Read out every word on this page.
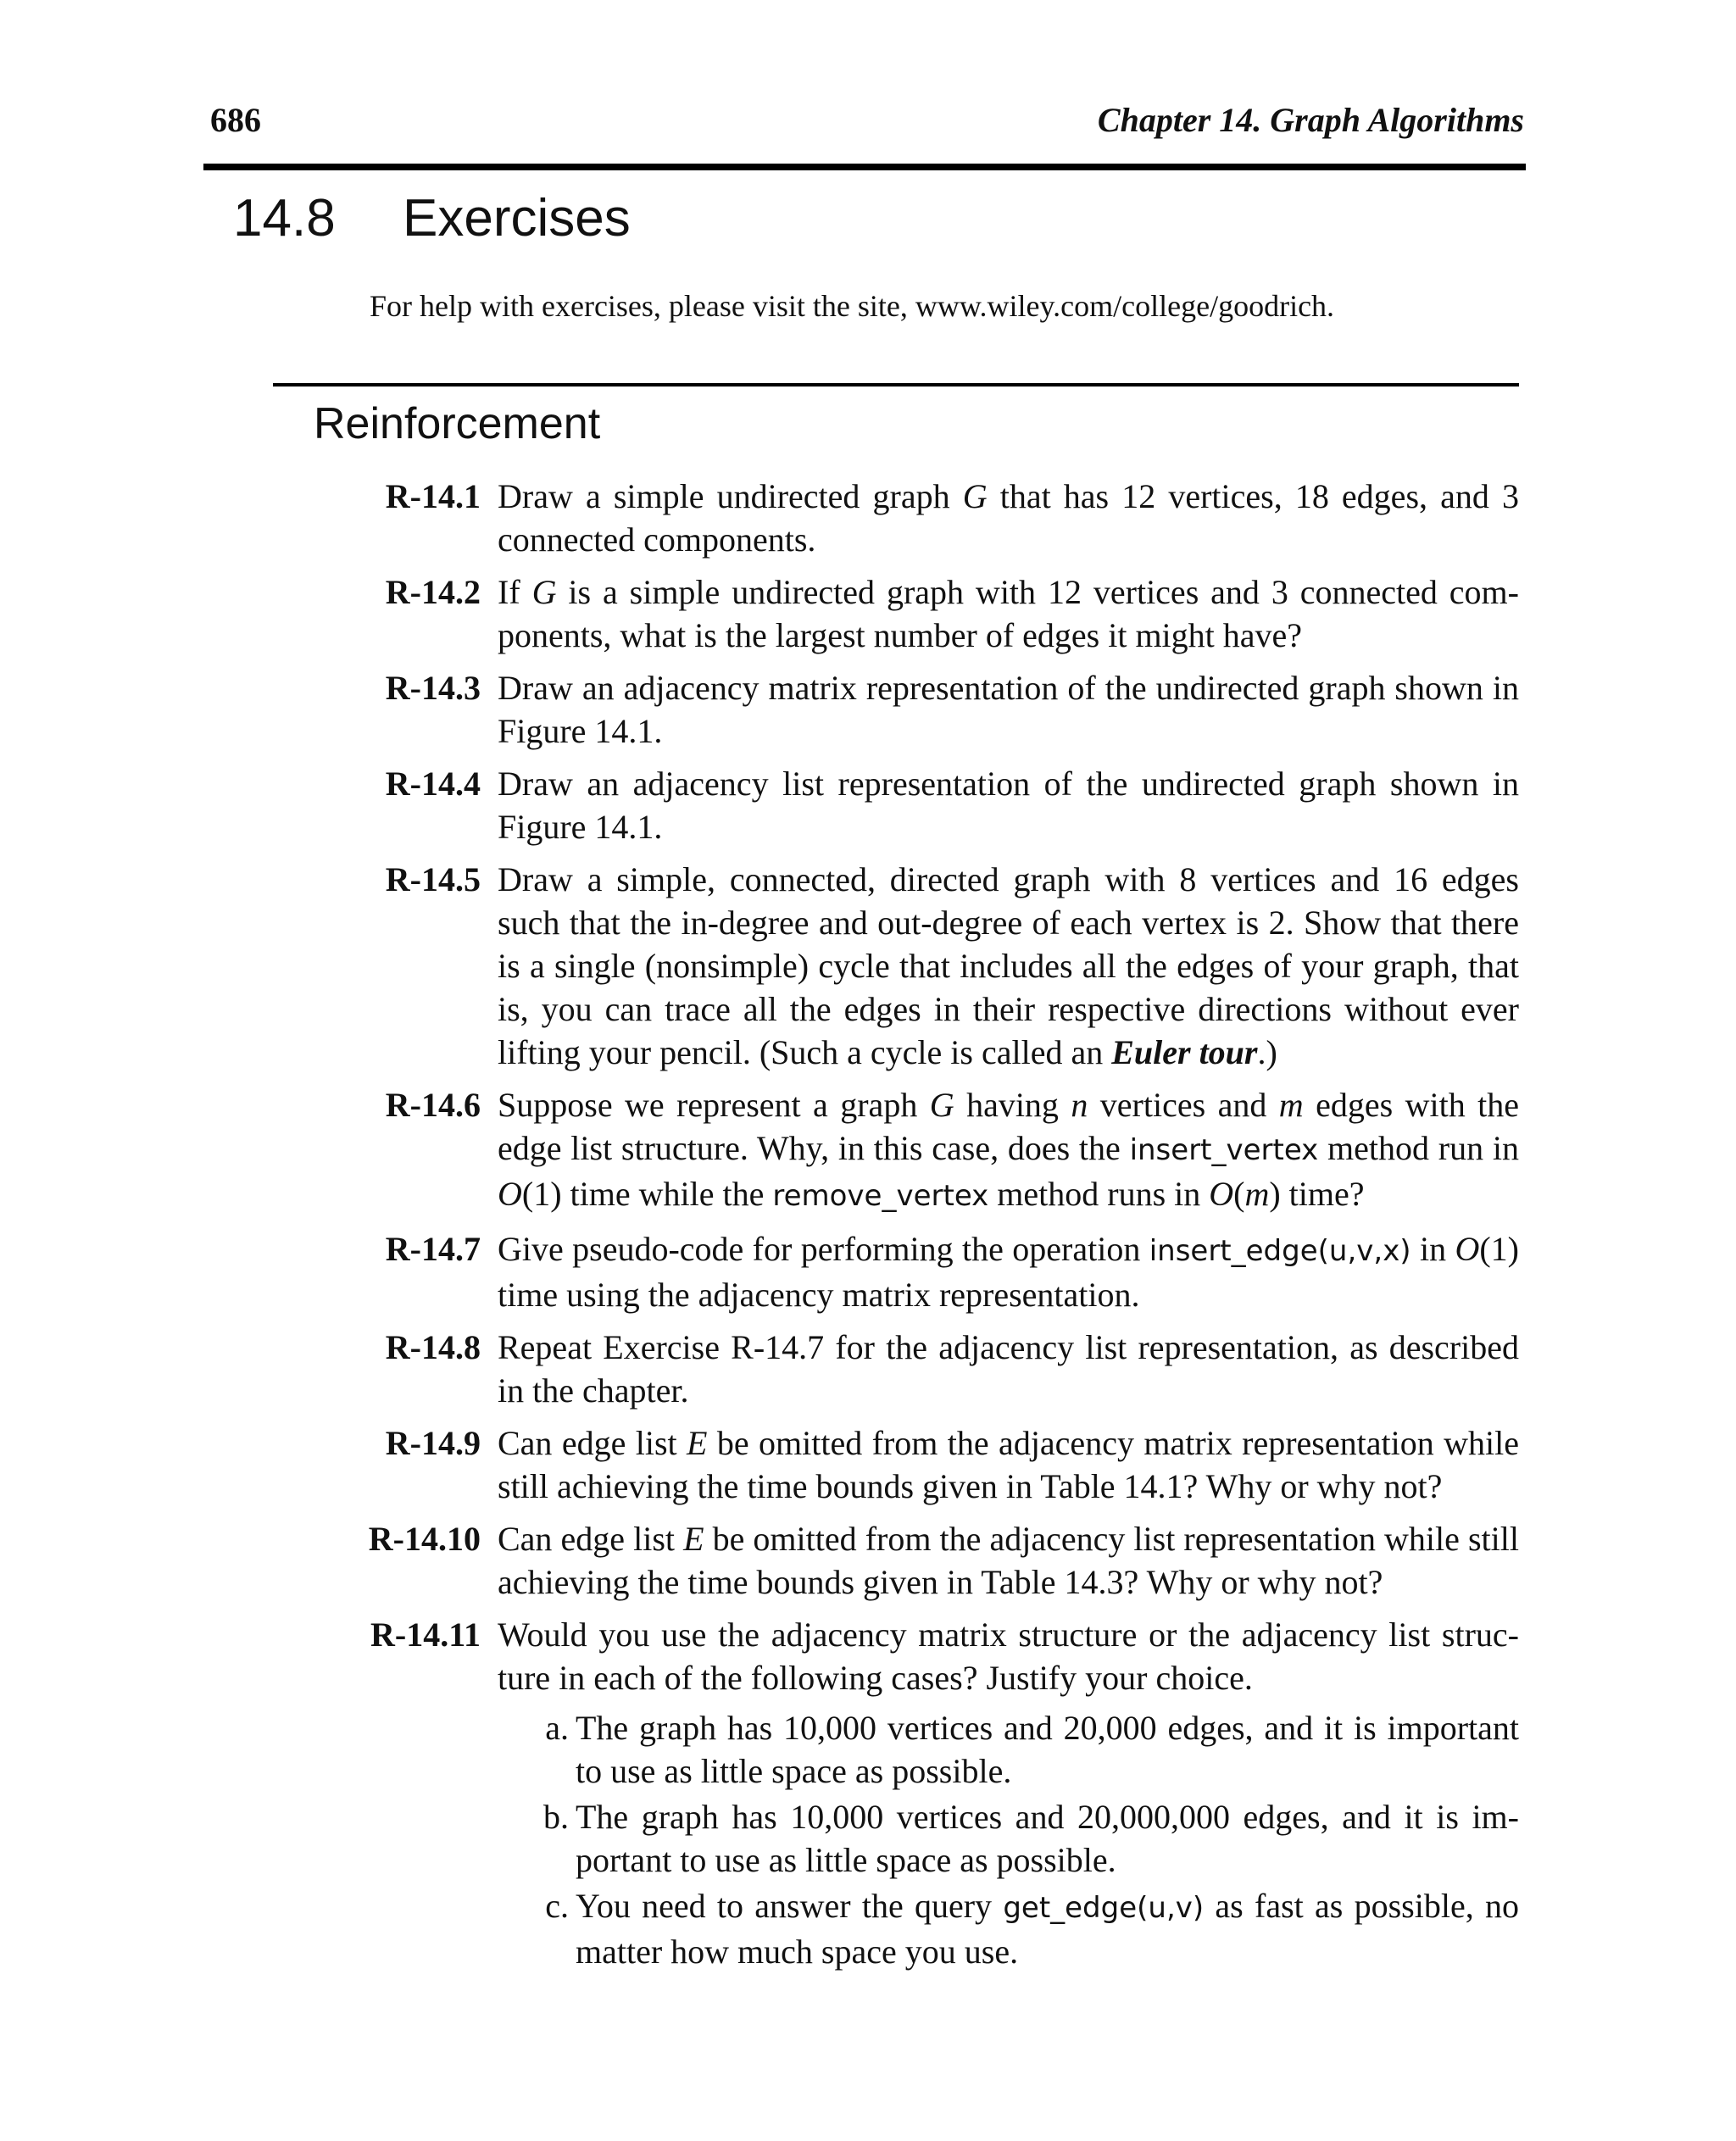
686	Chapter 14. Graph Algorithms
14.8 Exercises

For help with exercises, please visit the site, www.wiley.com/college/goodrich.

Reinforcement
R-14.1 Draw a simple undirected graph G that has 12 vertices, 18 edges, and 3 connected components.
R-14.2 If G is a simple undirected graph with 12 vertices and 3 connected com-ponents, what is the largest number of edges it might have?
R-14.3 Draw an adjacency matrix representation of the undirected graph shown in Figure 14.1.
R-14.4 Draw an adjacency list representation of the undirected graph shown in Figure 14.1.
R-14.5 Draw a simple, connected, directed graph with 8 vertices and 16 edges such that the in-degree and out-degree of each vertex is 2. Show that there is a single (nonsimple) cycle that includes all the edges of your graph, that is, you can trace all the edges in their respective directions without ever lifting your pencil. (Such a cycle is called an Euler tour.)
R-14.6 Suppose we represent a graph G having n vertices and m edges with the edge list structure. Why, in this case, does the insert_vertex method run in O(1) time while the remove_vertex method runs in O(m) time?
R-14.7 Give pseudo-code for performing the operation insert_edge(u,v,x) in O(1) time using the adjacency matrix representation.
R-14.8 Repeat Exercise R-14.7 for the adjacency list representation, as described in the chapter.
R-14.9 Can edge list E be omitted from the adjacency matrix representation while still achieving the time bounds given in Table 14.1? Why or why not?
R-14.10 Can edge list E be omitted from the adjacency list representation while still achieving the time bounds given in Table 14.3? Why or why not?
R-14.11 Would you use the adjacency matrix structure or the adjacency list struc-ture in each of the following cases? Justify your choice.
a. The graph has 10,000 vertices and 20,000 edges, and it is important to use as little space as possible.
b. The graph has 10,000 vertices and 20,000,000 edges, and it is im-portant to use as little space as possible.
c. You need to answer the query get_edge(u,v) as fast as possible, no matter how much space you use.
